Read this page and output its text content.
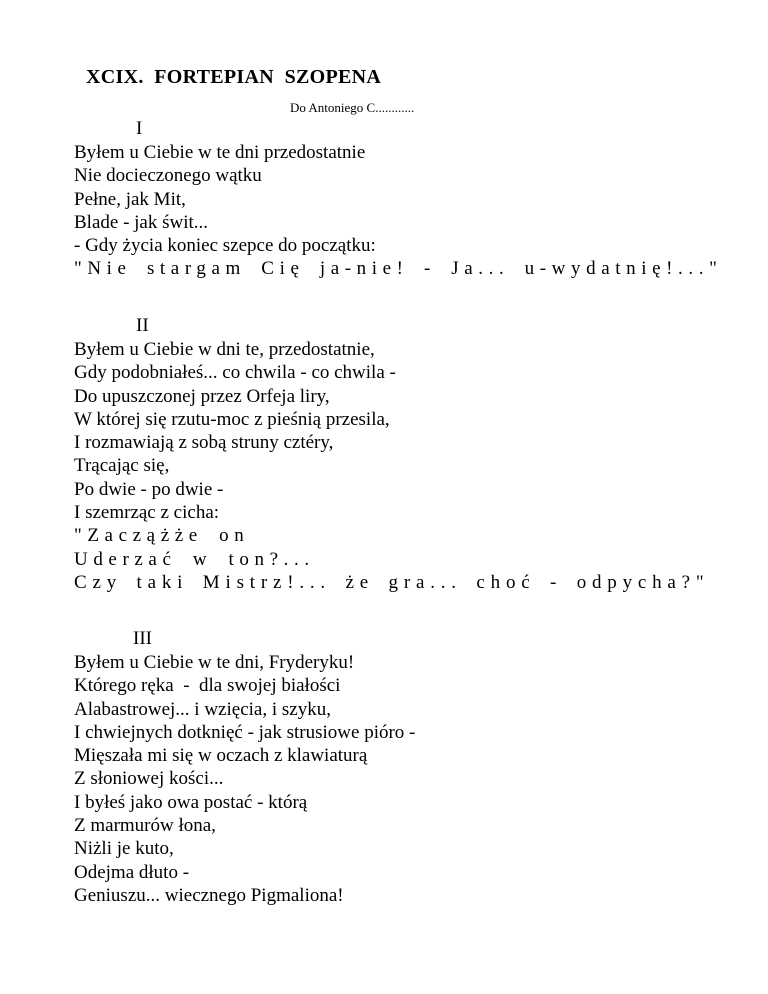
XCIX.  FORTEPIAN  SZOPENA
Do Antoniego C............
I
Byłem u Ciebie w te dni przedostatnie
Nie docieczonego wątku
Pełne, jak Mit,
Blade - jak świt...
- Gdy życia koniec szepce do początku:
"Nie stargam Cię ja-nie! - Ja... u-wydatnię!..."
II
Byłem u Ciebie w dni te, przedostatnie,
Gdy podobniałeś... co chwila - co chwila -
Do upuszczonej przez Orfeja liry,
W której się rzutu-moc z pieśnią przesila,
I rozmawiają z sobą struny cztéry,
Trącając się,
Po dwie - po dwie -
I szemrząc z cicha:
"Zaczążże on
Uderzać w ton?...
Czy taki Mistrz!... że gra... choć - odpycha?"
III
Byłem u Ciebie w te dni, Fryderyku!
Którego ręka  -  dla swojej białości
Alabastrowej... i wzięcia, i szyku,
I chwiejnych dotknięć - jak strusiowe pióro -
Mięszała mi się w oczach z klawiaturą
Z słoniowej kości...
I byłeś jako owa postać - którą
Z marmurów łona,
Niżli je kuto,
Odejma dłuto -
Geniuszu... wiecznego Pigmaliona!
